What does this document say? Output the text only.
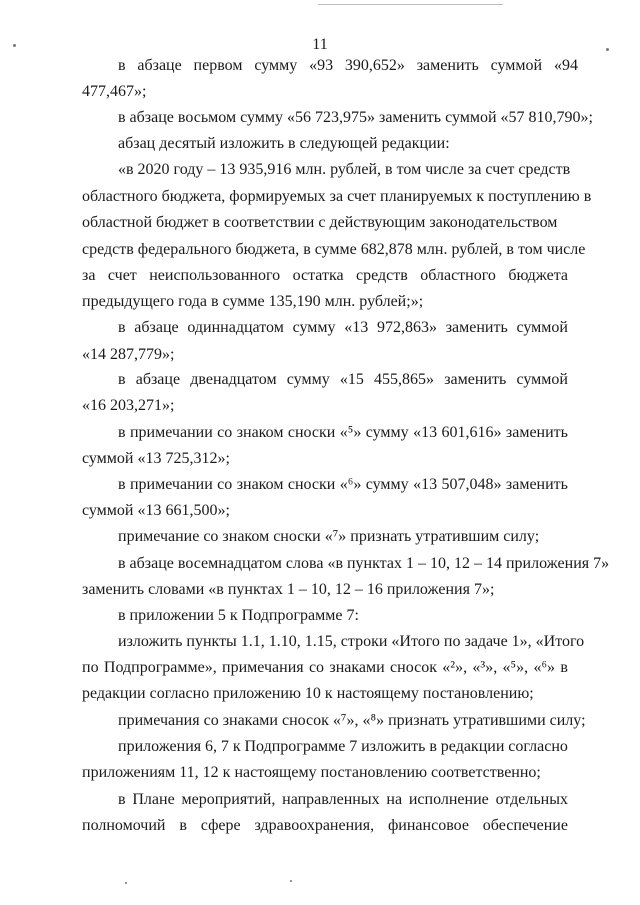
11
в абзаце первом сумму «93 390,652» заменить суммой «94
477,467»;
в абзаце восьмом сумму «56 723,975» заменить суммой «57 810,790»;
абзац десятый изложить в следующей редакции:
«в 2020 году – 13 935,916 млн. рублей, в том числе за счет средств
областного бюджета, формируемых за счет планируемых к поступлению в
областной бюджет в соответствии с действующим законодательством
средств федерального бюджета, в сумме 682,878 млн. рублей, в том числе
за счет неиспользованного остатка средств областного бюджета
предыдущего года в сумме 135,190 млн. рублей;»;
в абзаце одиннадцатом сумму «13 972,863» заменить суммой
«14 287,779»;
в абзаце двенадцатом сумму «15 455,865» заменить суммой
«16 203,271»;
в примечании со знаком сноски «⁵» сумму «13 601,616» заменить
суммой «13 725,312»;
в примечании со знаком сноски «⁶» сумму «13 507,048» заменить
суммой «13 661,500»;
примечание со знаком сноски «⁷» признать утратившим силу;
в абзаце восемнадцатом слова «в пунктах 1 – 10, 12 – 14 приложения 7»
заменить словами «в пунктах 1 – 10, 12 – 16 приложения 7»;
в приложении 5 к Подпрограмме 7:
изложить пункты 1.1, 1.10, 1.15, строки «Итого по задаче 1», «Итого
по Подпрограмме», примечания со знаками сносок «²», «³», «⁵», «⁶» в
редакции согласно приложению 10 к настоящему постановлению;
примечания со знаками сносок «⁷», «⁸» признать утратившими силу;
приложения 6, 7 к Подпрограмме 7 изложить в редакции согласно
приложениям 11, 12 к настоящему постановлению соответственно;
в Плане мероприятий, направленных на исполнение отдельных
полномочий в сфере здравоохранения, финансовое обеспечение
